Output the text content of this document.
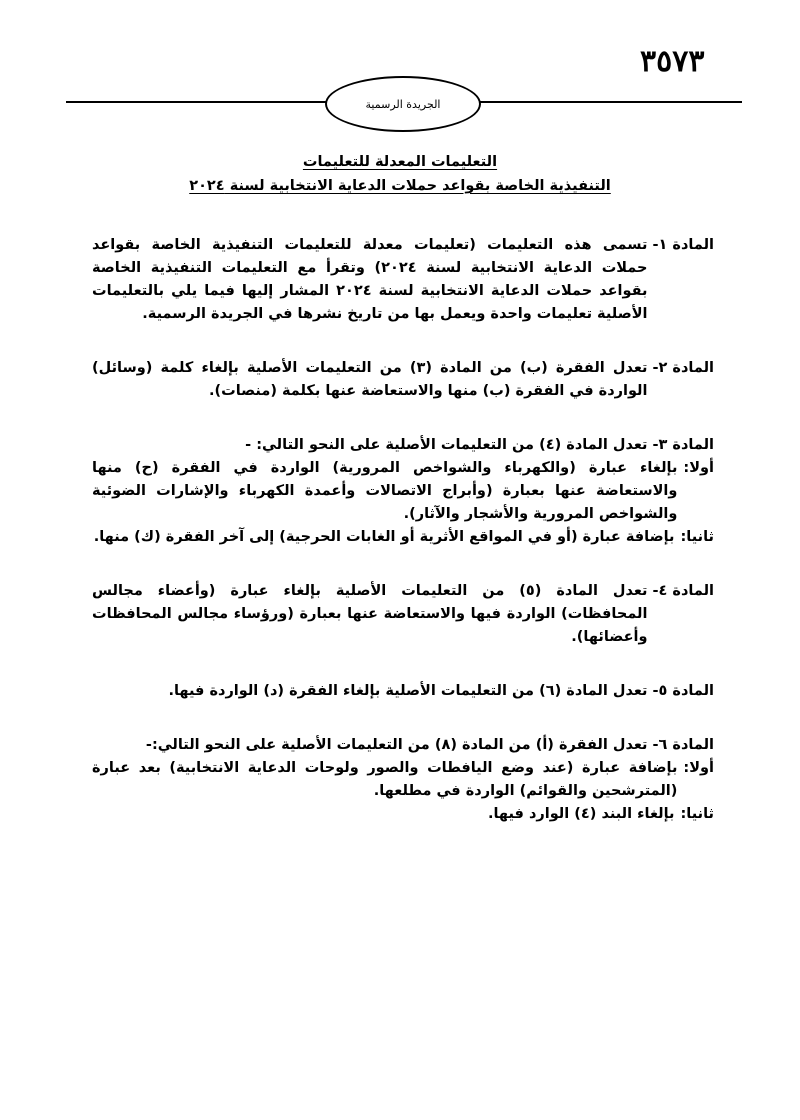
٣٥٧٣
الجريدة الرسمية
التعليمات المعدلة للتعليمات
التنفيذية الخاصة بقواعد حملات الدعاية الانتخابية لسنة ٢٠٢٤
المادة ١-

تسمى هذه التعليمات (تعليمات معدلة للتعليمات التنفيذية الخاصة بقواعد حملات الدعاية الانتخابية لسنة ٢٠٢٤) وتقرأ مع التعليمات التنفيذية الخاصة بقواعد حملات الدعاية الانتخابية لسنة ٢٠٢٤ المشار إليها فيما يلي بالتعليمات الأصلية تعليمات واحدة ويعمل بها من تاريخ نشرها في الجريدة الرسمية.

المادة ٢-

تعدل الفقرة (ب) من المادة (٣) من التعليمات الأصلية بإلغاء كلمة (وسائل) الواردة في الفقرة (ب) منها والاستعاضة عنها بكلمة (منصات).

المادة ٣-

تعدل المادة (٤) من التعليمات الأصلية على النحو التالي: -

أولا:
بإلغاء عبارة (والكهرباء والشواخص المرورية) الواردة في الفقرة (ح) منها والاستعاضة عنها بعبارة (وأبراج الاتصالات وأعمدة الكهرباء والإشارات الضوئية والشواخص المرورية والأشجار والآثار).
ثانيا:
بإضافة عبارة (أو في المواقع الأثرية أو الغابات الحرجية) إلى آخر الفقرة (ك) منها.
المادة ٤-

تعدل المادة (٥) من التعليمات الأصلية بإلغاء عبارة (وأعضاء مجالس المحافظات) الواردة فيها والاستعاضة عنها بعبارة (ورؤساء مجالس المحافظات وأعضائها).

المادة ٥-

تعدل المادة (٦) من التعليمات الأصلية بإلغاء الفقرة (د) الواردة فيها.

المادة ٦-

تعدل الفقرة (أ) من المادة (٨) من التعليمات الأصلية على النحو التالي:-

أولا:
بإضافة عبارة (عند وضع اليافطات والصور ولوحات الدعاية الانتخابية) بعد عبارة (المترشحين والقوائم) الواردة في مطلعها.
ثانيا:
بإلغاء البند (٤) الوارد فيها.
